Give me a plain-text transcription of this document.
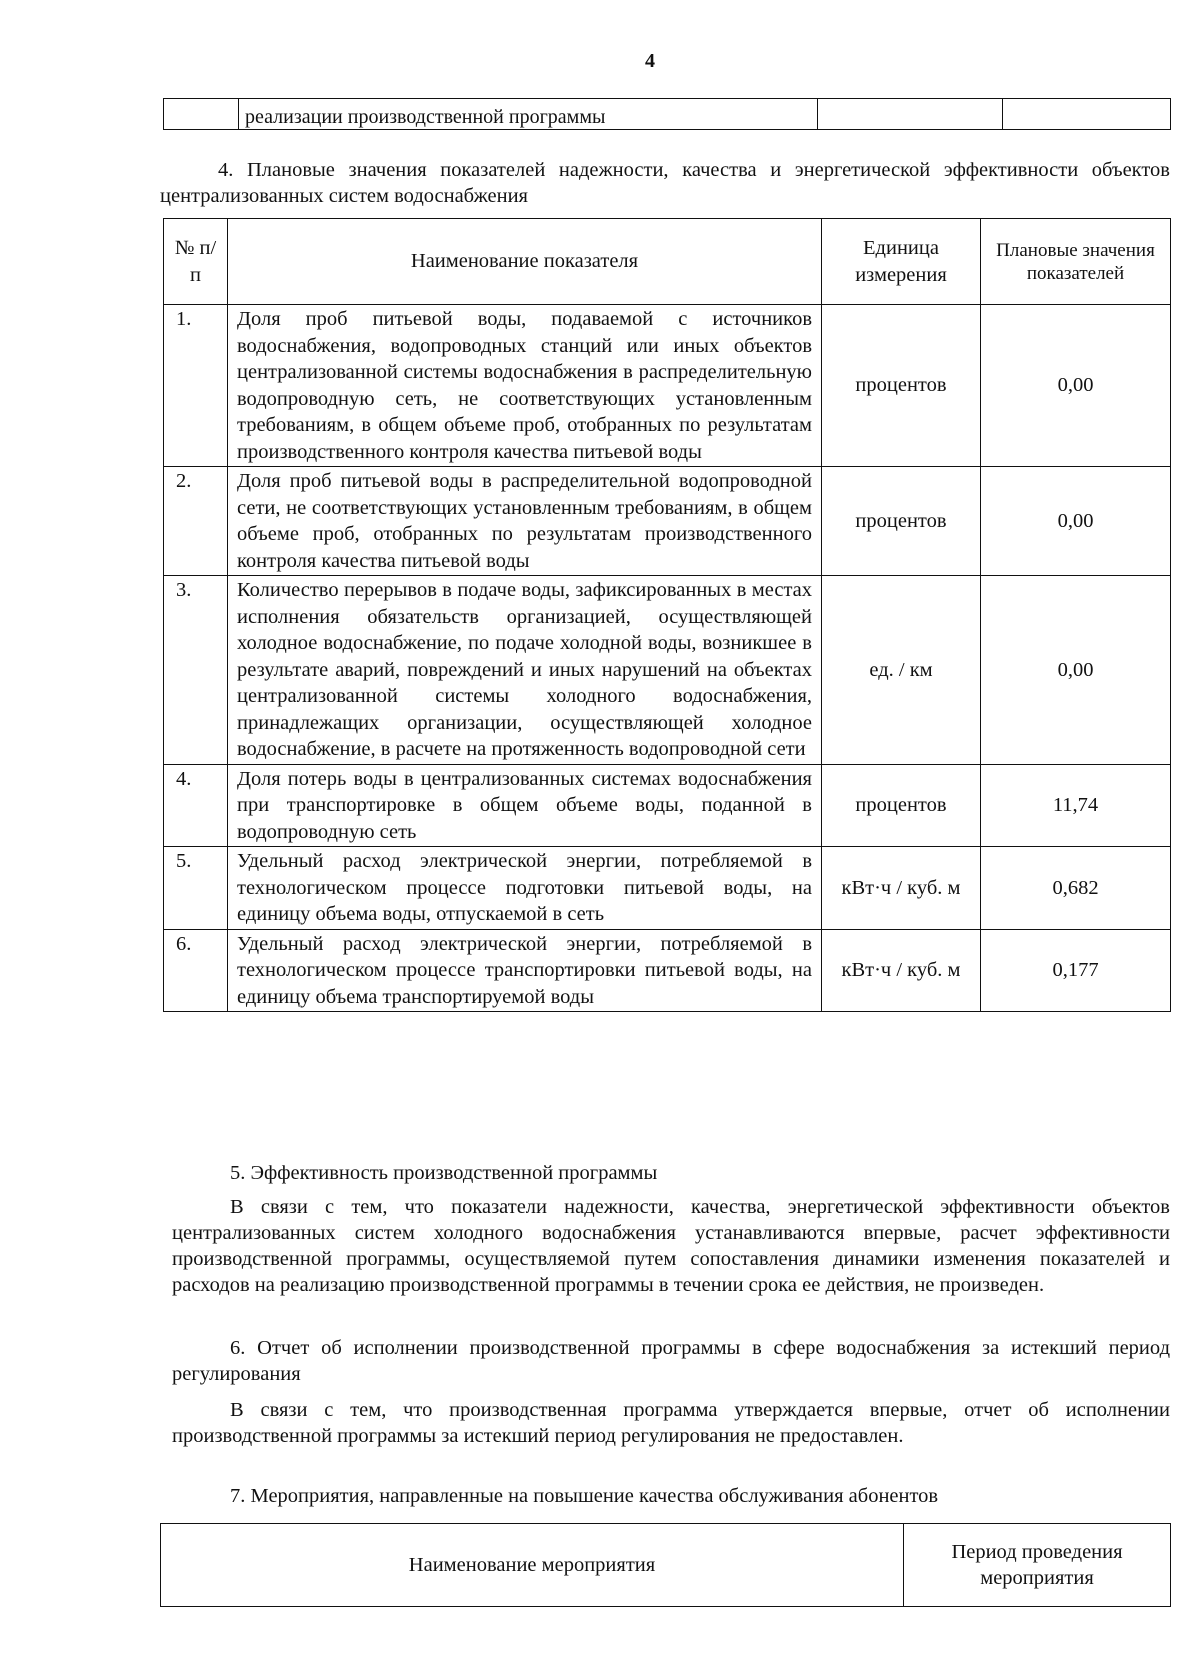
4
	реализации производственной программы		
4. Плановые значения показателей надежности, качества и энергетической эффективности объектов централизованных систем водоснабжения
№ п/п	Наименование показателя	Единица измерения	Плановые значения показателей
1.	Доля проб питьевой воды, подаваемой с источников водоснабжения, водопроводных станций или иных объектов централизованной системы водоснабжения в распределительную водопроводную сеть, не соответствующих установленным требованиям, в общем объеме проб, отобранных по результатам производственного контроля качества питьевой воды	процентов	0,00
2.	Доля проб питьевой воды в распределительной водопроводной сети, не соответствующих установленным требованиям, в общем объеме проб, отобранных по результатам производственного контроля качества питьевой воды	процентов	0,00
3.	Количество перерывов в подаче воды, зафиксированных в местах исполнения обязательств организацией, осуществляющей холодное водоснабжение, по подаче холодной воды, возникшее в результате аварий, повреждений и иных нарушений на объектах централизованной системы холодного водоснабжения, принадлежащих организации, осуществляющей холодное водоснабжение, в расчете на протяженность водопроводной сети	ед. / км	0,00
4.	Доля потерь воды в централизованных системах водоснабжения при транспортировке в общем объеме воды, поданной в водопроводную сеть	процентов	11,74
5.	Удельный расход электрической энергии, потребляемой в технологическом процессе подготовки питьевой воды, на единицу объема воды, отпускаемой в сеть	кВт·ч / куб. м	0,682
6.	Удельный расход электрической энергии, потребляемой в технологическом процессе транспортировки питьевой воды, на единицу объема транспортируемой воды	кВт·ч / куб. м	0,177
5. Эффективность производственной программы
В связи с тем, что показатели надежности, качества, энергетической эффективности объектов централизованных систем холодного водоснабжения устанавливаются впервые, расчет эффективности производственной программы, осуществляемой путем сопоставления динамики изменения показателей и расходов на реализацию производственной программы в течении срока ее действия, не произведен.
6. Отчет об исполнении производственной программы в сфере водоснабжения за истекший период регулирования
В связи с тем, что производственная программа утверждается впервые, отчет об исполнении производственной программы за истекший период регулирования не предоставлен.
7. Мероприятия, направленные на повышение качества обслуживания абонентов
Наименование мероприятия	Период проведения мероприятия
